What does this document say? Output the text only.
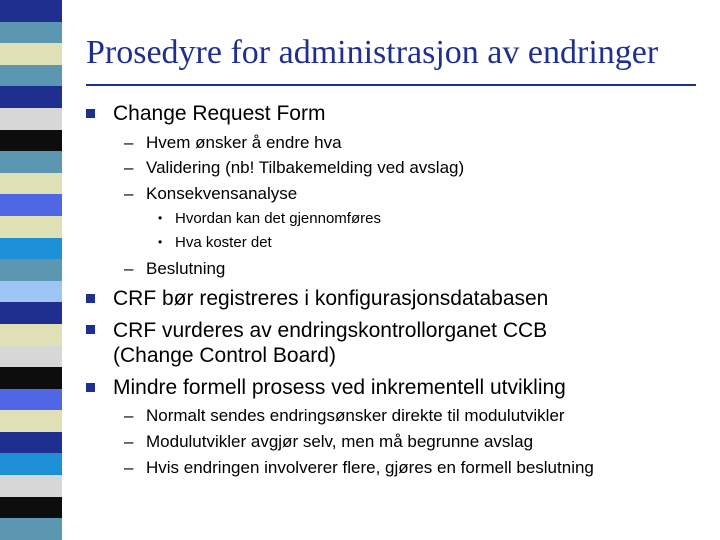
Prosedyre for administrasjon av endringer
Change Request Form
– Hvem ønsker å endre hva
– Validering (nb! Tilbakemelding ved avslag)
– Konsekvensanalyse
• Hvordan kan det gjennomføres
• Hva koster det
– Beslutning
CRF bør registreres i konfigurasjonsdatabasen
CRF vurderes av endringskontrollorganet CCB (Change Control Board)
Mindre formell prosess ved inkrementell utvikling
– Normalt sendes endringsønsker direkte til modulutvikler
– Modulutvikler avgjør selv, men må begrunne avslag
– Hvis endringen involverer flere, gjøres en formell beslutning
